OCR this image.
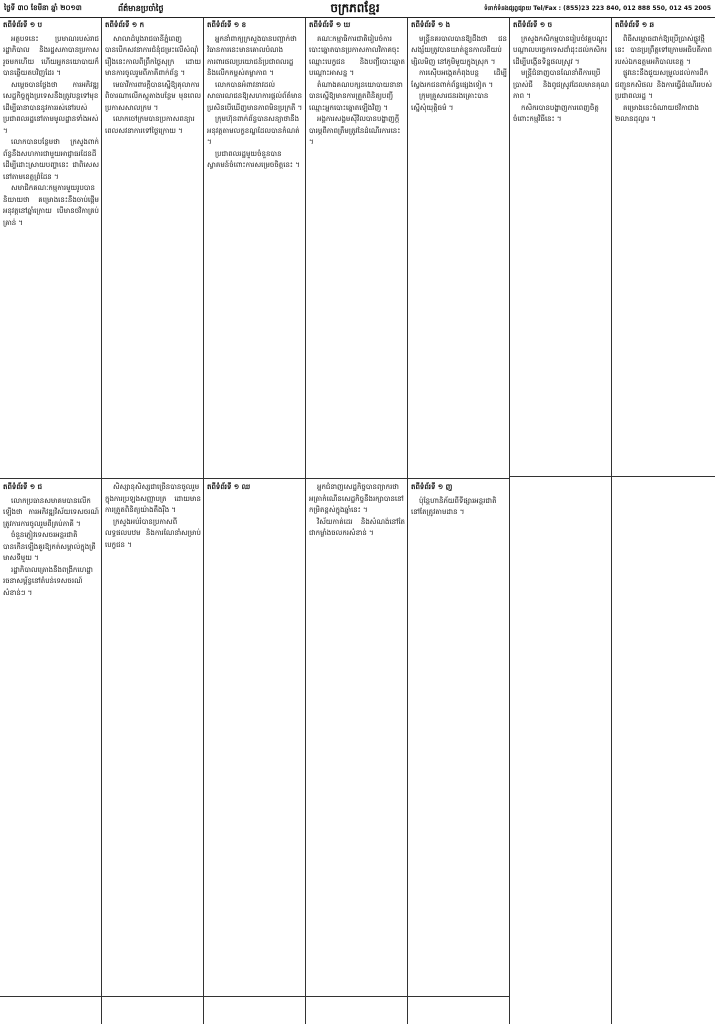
ថ្ងៃទី ៣០ ខែមីនា ឆ្នាំ ២០១៣	ព័ត៌មានប្រចាំថ្ងៃ	ចក្រភពខ្មែរ	ទំនាក់ទំនងផ្សព្វផ្សាយ Tel/Fax : (855)23 223 840, 012 888 550, 012 45 2005
តពីទំព័រទី ១ ប
អត្ថបទនេះ ប្រមាណរបស់រាជរដ្ឋាភិបាល និងរដ្ឋសភាបានប្រកាសរួចមកហើយ ហើយអ្នកនយោបាយក៏បានឆ្លើយតបវិញដែរ ។
សម្ដេចបានថ្លែងថា ការអភិវឌ្ឍសេដ្ឋកិច្ចក្នុងប្រទេសនឹងត្រូវបន្តទៅមុខ ដើម្បីធានាបាននូវការរស់នៅរបស់ប្រជាពលរដ្ឋនៅតាមមូលដ្ឋានទាំងអស់ ។
លោកបានបន្ថែមថា ក្រសួងពាក់ព័ន្ធនឹងសហការជាមួយអាជ្ញាធរដែនដីដើម្បីដោះស្រាយបញ្ហានេះ ជាពិសេសនៅតាមខេត្តព្រំដែន ។
សមាជិកគណៈកម្មការមួយរូបបាននិយាយថា គម្រោងនេះនឹងចាប់ផ្ដើមអនុវត្តនៅឆ្នាំក្រោយ បើមានថវិកាគ្រប់គ្រាន់ ។
តពីទំព័រទី ១ ក
សាលាដំបូងរាជធានីភ្នំពេញបានបើកសវនាការជំនុំជម្រះលើសំណុំរឿងនេះកាលពីព្រឹកថ្ងៃសុក្រ ដោយមានការចូលរួមពីភាគីពាក់ព័ន្ធ ។
មេធាវីការពារក្ដីបានស្នើឱ្យតុលាការពិចារណាលើភស្តុតាងបន្ថែម មុនពេលប្រកាសសាលក្រម ។
លោកចៅក្រមបានប្រកាសពន្យារពេលសវនាការទៅថ្ងៃក្រោយ ។
តពីទំព័រទី ១ ខ
អ្នកនាំពាក្យក្រសួងបានបញ្ជាក់ថា វិធានការនេះមានគោលបំណងការពារផលប្រយោជន៍ប្រជាពលរដ្ឋ និងលើកកម្ពស់តម្លាភាព ។
លោកបានអំពាវនាវដល់សាធារណជនឱ្យសហការផ្ដល់ព័ត៌មាន ប្រសិនបើឃើញមានភាពមិនប្រក្រតី ។
ក្រុមហ៊ុនពាក់ព័ន្ធបានសន្យាថានឹងអនុវត្តតាមលក្ខខណ្ឌដែលបានកំណត់ ។
ប្រជាពលរដ្ឋមួយចំនួនបានស្វាគមន៍ចំពោះការសម្រេចចិត្តនេះ ។
តពីទំព័រទី ១ ឃ
គណៈកម្មាធិការជាតិរៀបចំការបោះឆ្នោតបានប្រកាសកាលវិភាគចុះឈ្មោះបេក្ខជន និងបញ្ជីបោះឆ្នោតបណ្ដោះអាសន្ន ។
តំណាងគណបក្សនយោបាយនានាបានស្នើឱ្យមានការត្រួតពិនិត្យបញ្ជីឈ្មោះអ្នកបោះឆ្នោតឡើងវិញ ។
អង្គការសង្គមស៊ីវិលបានបង្ហាញក្ដីបារម្ភពីភាពត្រឹមត្រូវនៃដំណើរការនេះ ។
តពីទំព័រទី ១ ង
មន្ត្រីនគរបាលបានឱ្យដឹងថា ជនសង្ស័យត្រូវបានឃាត់ខ្លួនកាលពីយប់ម្សិលមិញ នៅភូមិមួយក្នុងស្រុក ។
ការស៊ើបអង្កេតកំពុងបន្ត ដើម្បីស្វែងរកជនពាក់ព័ន្ធផ្សេងទៀត ។
ក្រុមគ្រួសារជនរងគ្រោះបានស្នើសុំយុត្តិធម៌ ។
តពីទំព័រទី ១ ច
ក្រសួងកសិកម្មបានរៀបចំវគ្គបណ្ដុះបណ្ដាលបច្ចេកទេសដាំដុះដល់កសិករ ដើម្បីបង្កើនទិន្នផលស្រូវ ។
មន្ត្រីជំនាញបានណែនាំពីការប្រើប្រាស់ជី និងពូជស្រូវដែលមានគុណភាព ។
កសិករបានបង្ហាញការពេញចិត្តចំពោះកម្មវិធីនេះ ។
តពីទំព័រទី ១ ឆ
ពិធីសម្ពោធដាក់ឱ្យប្រើប្រាស់ផ្លូវថ្មីនេះ បានប្រព្រឹត្តទៅក្រោមអធិបតីភាពរបស់ឯកឧត្តមអភិបាលខេត្ត ។
ផ្លូវនេះនឹងជួយសម្រួលដល់ការដឹកជញ្ជូនកសិផល និងការធ្វើដំណើររបស់ប្រជាពលរដ្ឋ ។
គម្រោងនេះចំណាយថវិកាជាង ២លានដុល្លារ ។
តពីទំព័រទី ១ ជ
លោកប្រធានសមាគមបានលើកឡើងថា ការអភិវឌ្ឍវិស័យទេសចរណ៍ ត្រូវការការចូលរួមពីគ្រប់ភាគី ។
ចំនួនភ្ញៀវទេសចរអន្តរជាតិបានកើនឡើងគួរឱ្យកត់សម្គាល់ក្នុងត្រីមាសទីមួយ ។
រដ្ឋាភិបាលគ្រោងនឹងពង្រីកហេដ្ឋារចនាសម្ព័ន្ធនៅតំបន់ទេសចរណ៍សំខាន់ៗ ។
សិស្សានុសិស្សជាច្រើនបានចូលរួមក្នុងការប្រឡងសញ្ញាបត្រ ដោយមានការត្រួតពិនិត្យយ៉ាងតឹងរ៉ឹង ។
ក្រសួងអប់រំបានប្រកាសពីលទ្ធផលបឋម និងការណែនាំសម្រាប់បេក្ខជន ។
តពីទំព័រទី ១ ឈ	អ្នកជំនាញសេដ្ឋកិច្ចបានព្យាករថា អត្រាកំណើនសេដ្ឋកិច្ចនឹងរក្សាបាននៅកម្រិតខ្ពស់ក្នុងឆ្នាំនេះ ។
វិស័យកាត់ដេរ និងសំណង់នៅតែជាកម្លាំងចលករសំខាន់ ។
តពីទំព័រទី ១ ញ
ប៉ុន្តែហានិភ័យពីទីផ្សារអន្តរជាតិនៅតែត្រូវតាមដាន ។
